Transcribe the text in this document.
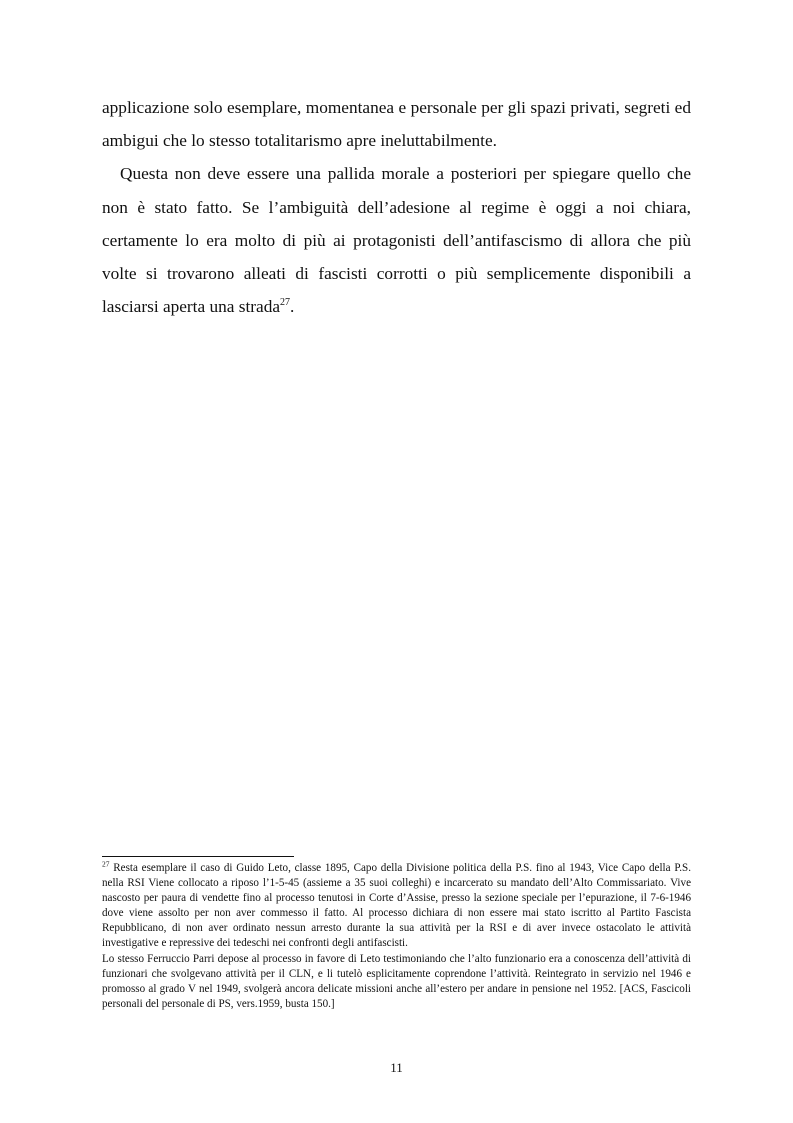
applicazione solo esemplare, momentanea e personale per gli spazi privati, segreti ed ambigui che lo stesso totalitarismo apre ineluttabilmente.

Questa non deve essere una pallida morale a posteriori per spiegare quello che non è stato fatto. Se l’ambiguità dell’adesione al regime è oggi a noi chiara, certamente lo era molto di più ai protagonisti dell’antifascismo di allora che più volte si trovarono alleati di fascisti corrotti o più semplicemente disponibili a lasciarsi aperta una strada$^{27}$.

$^{27}$ Resta esemplare il caso di Guido Leto, classe 1895, Capo della Divisione politica della P.S. fino al 1943, Vice Capo della P.S. nella RSI Viene collocato a riposo l’1-5-45 (assieme a 35 suoi colleghi) e incarcerato su mandato dell’Alto Commissariato. Vive nascosto per paura di vendette fino al processo tenutosi in Corte d’Assise, presso la sezione speciale per l’epurazione, il 7-6-1946 dove viene assolto per non aver commesso il fatto. Al processo dichiara di non essere mai stato iscritto al Partito Fascista Repubblicano, di non aver ordinato nessun arresto durante la sua attività per la RSI e di aver invece ostacolato le attività investigative e repressive dei tedeschi nei confronti degli antifascisti.

Lo stesso Ferruccio Parri depose al processo in favore di Leto testimoniando che l’alto funzionario era a conoscenza dell’attività di funzionari che svolgevano attività per il CLN, e li tutelò esplicitamente coprendone l’attività. Reintegrato in servizio nel 1946 e promosso al grado V nel 1949, svolgerà ancora delicate missioni anche all’estero per andare in pensione nel 1952. [ACS, Fascicoli personali del personale di PS, vers.1959, busta 150.]

11
